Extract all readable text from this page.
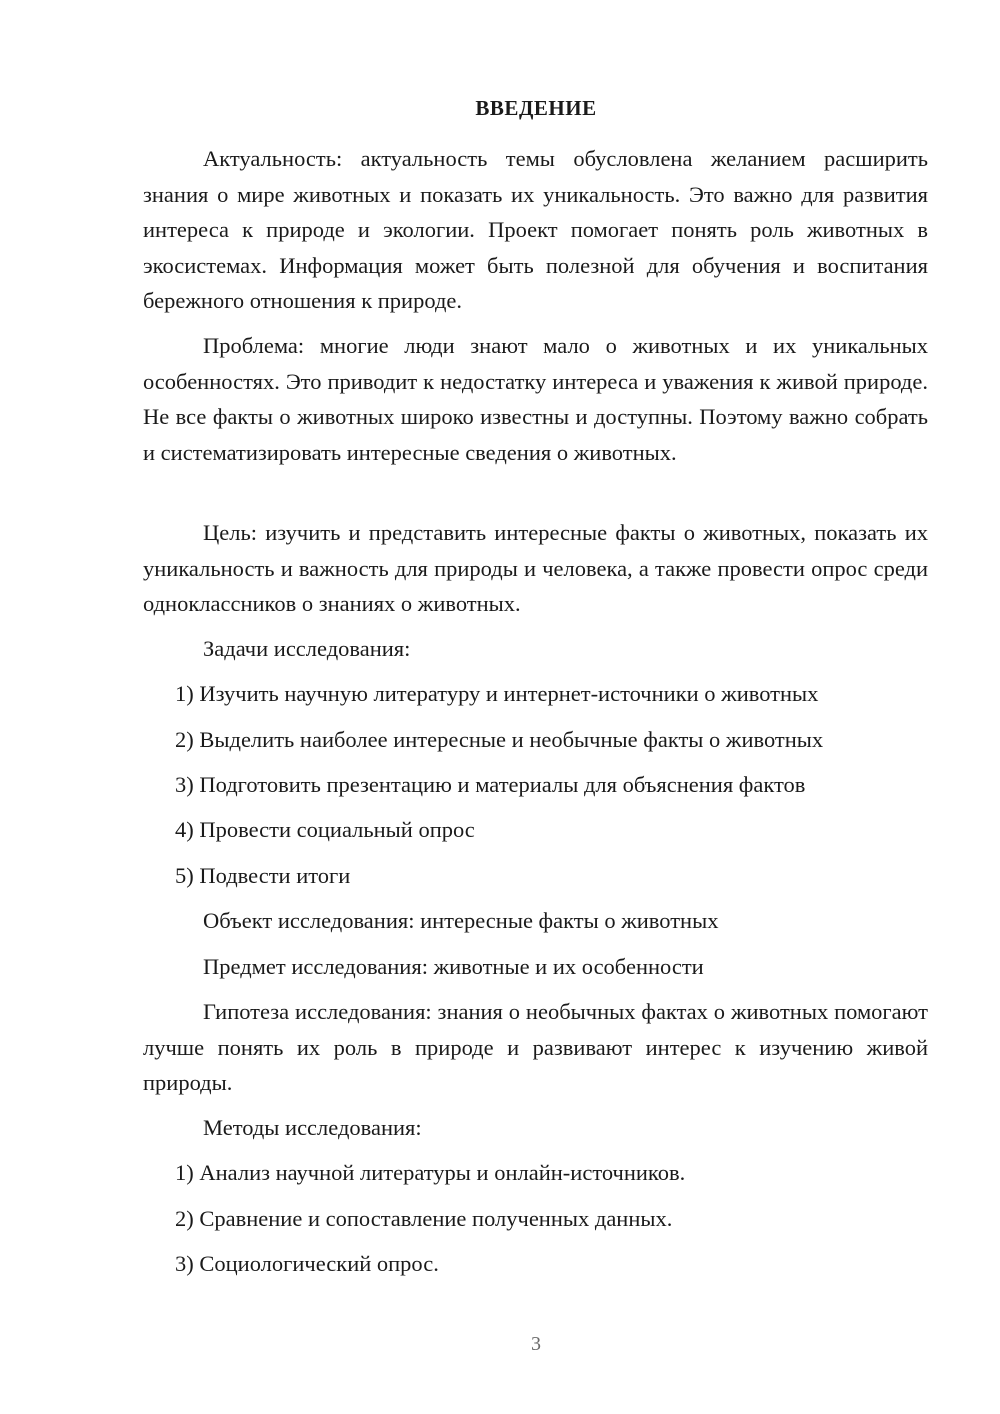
ВВЕДЕНИЕ

Актуальность: актуальность темы обусловлена желанием расширить знания о мире животных и показать их уникальность. Это важно для развития интереса к природе и экологии. Проект помогает понять роль животных в экосистемах. Информация может быть полезной для обучения и воспитания бережного отношения к природе.

Проблема: многие люди знают мало о животных и их уникальных особенностях. Это приводит к недостатку интереса и уважения к живой природе. Не все факты о животных широко известны и доступны. Поэтому важно собрать и систематизировать интересные сведения о животных.

Цель: изучить и представить интересные факты о животных, показать их уникальность и важность для природы и человека, а также провести опрос среди одноклассников о знаниях о животных.

Задачи исследования:

1) Изучить научную литературу и интернет-источники о животных

2) Выделить наиболее интересные и необычные факты о животных

3) Подготовить презентацию и материалы для объяснения фактов

4) Провести социальный опрос

5) Подвести итоги

Объект исследования: интересные факты о животных

Предмет исследования: животные и их особенности

Гипотеза исследования: знания о необычных фактах о животных помогают лучше понять их роль в природе и развивают интерес к изучению живой природы.

Методы исследования:

1) Анализ научной литературы и онлайн-источников.

2) Сравнение и сопоставление полученных данных.

3) Социологический опрос.

3
